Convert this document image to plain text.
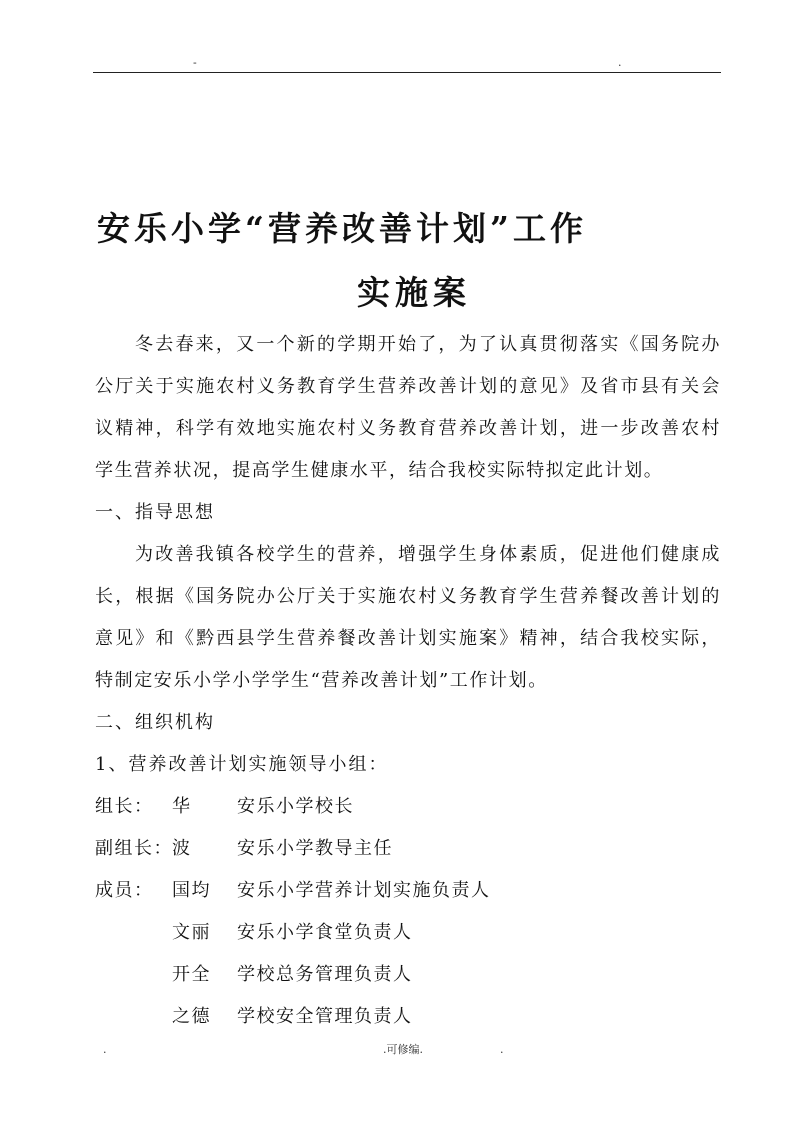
-	.
安乐小学“营养改善计划”工作
实施案

冬去春来，又一个新的学期开始了，为了认真贯彻落实《国务院办公厅关于实施农村义务教育学生营养改善计划的意见》及省市县有关会议精神，科学有效地实施农村义务教育营养改善计划，进一步改善农村学生营养状况，提高学生健康水平，结合我校实际特拟定此计划。

一、指导思想

为改善我镇各校学生的营养，增强学生身体素质，促进他们健康成长，根据《国务院办公厅关于实施农村义务教育学生营养餐改善计划的意见》和《黔西县学生营养餐改善计划实施案》精神，结合我校实际，特制定安乐小学小学学生“营养改善计划”工作计划。

二、组织机构

1、营养改善计划实施领导小组：

组长： 华	安乐小学校长
副组长： 波	安乐小学教导主任
成员： 国均 安乐小学营养计划实施负责人
文丽 安乐小学食堂负责人
开全 学校总务管理负责人
之德 学校安全管理负责人
.	.可修编.	.
